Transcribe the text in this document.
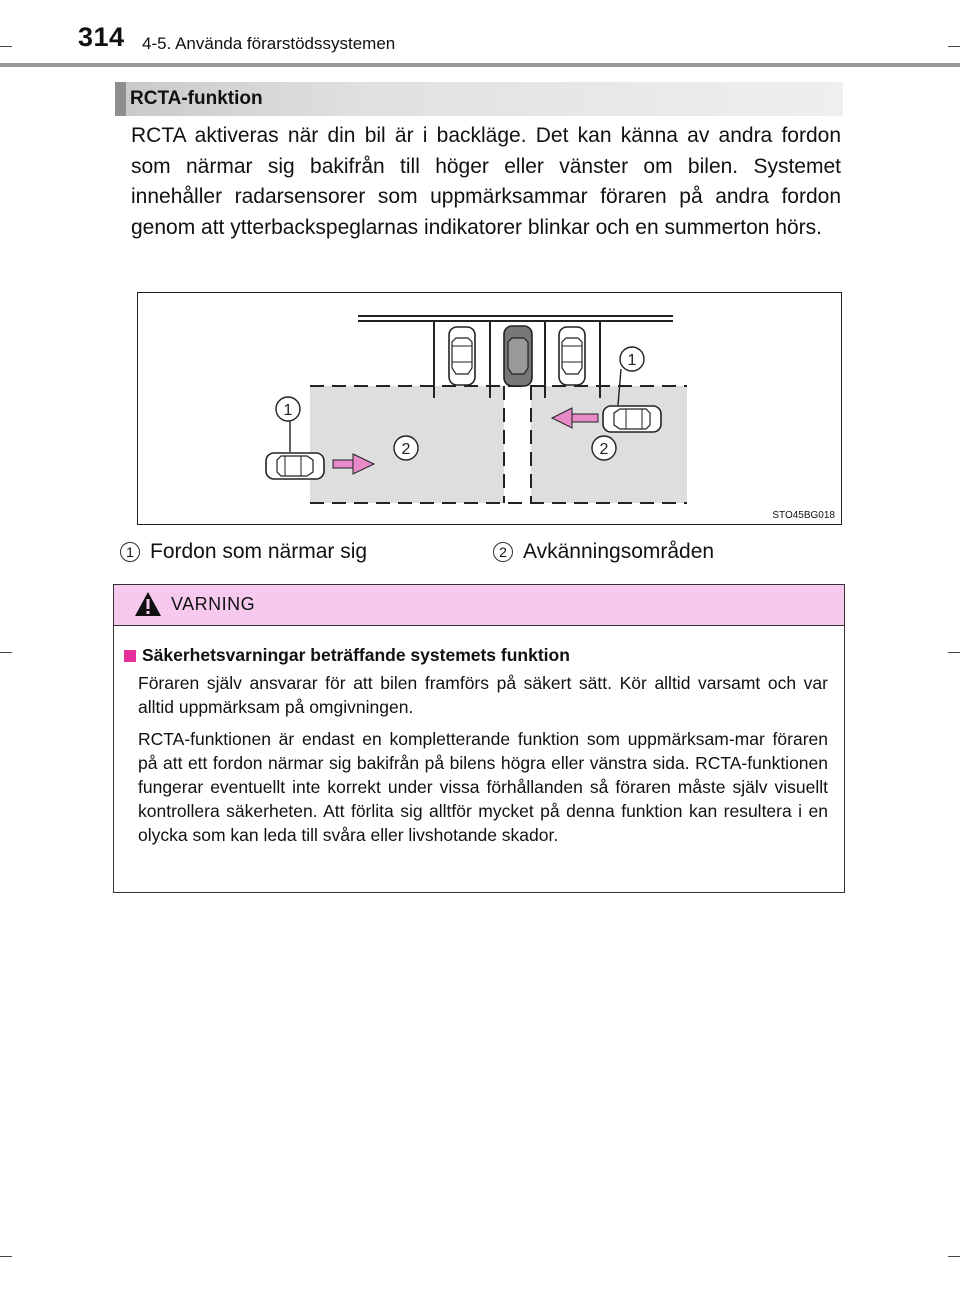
314 4-5. Använda förarstödssystemen
RCTA-funktion

RCTA aktiveras när din bil är i backläge. Det kan känna av andra fordon som närmar sig bakifrån till höger eller vänster om bilen. Systemet innehåller radarsensorer som uppmärksammar föraren på andra fordon genom att ytterbackspeglarnas indikatorer blinkar och en summerton hörs.

1
1
2	2
STO45BG018
1 Fordon som närmar sig	2 Avkänningsområden
VARNING
Säkerhetsvarningar beträffande systemets funktion

Föraren själv ansvarar för att bilen framförs på säkert sätt. Kör alltid varsamt och var alltid uppmärksam på omgivningen.

RCTA-funktionen är endast en kompletterande funktion som uppmärksam-mar föraren på att ett fordon närmar sig bakifrån på bilens högra eller vänstra sida. RCTA-funktionen fungerar eventuellt inte korrekt under vissa förhållanden så föraren måste själv visuellt kontrollera säkerheten. Att förlita sig alltför mycket på denna funktion kan resultera i en olycka som kan leda till svåra eller livshotande skador.
